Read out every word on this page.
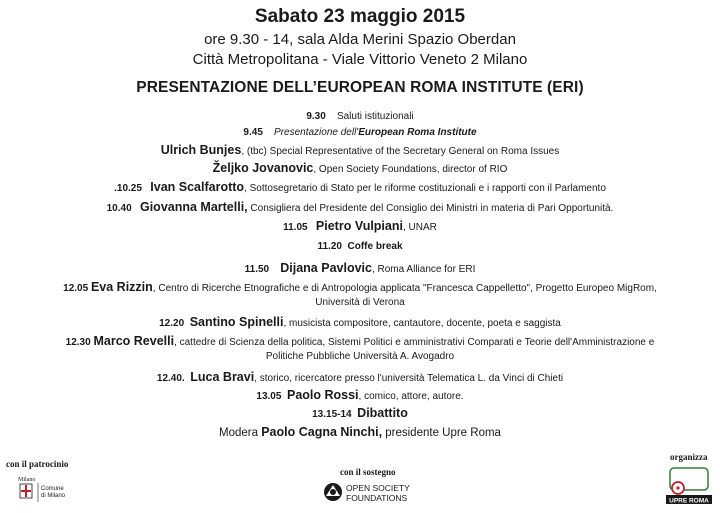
Sabato 23 maggio 2015
ore 9.30 - 14, sala Alda Merini Spazio Oberdan
Città Metropolitana - Viale Vittorio Veneto 2 Milano
PRESENTAZIONE DELL’EUROPEAN ROMA INSTITUTE (ERI)
9.30 Saluti istituzionali
9.45 Presentazione dell'European Roma Institute
Ulrich Bunjes, (tbc) Special Representative of the Secretary General on Roma Issues
Željko Jovanovic, Open Society Foundations, director of RIO
.10.25 Ivan Scalfarotto, Sottosegretario di Stato per le riforme costituzionali e i rapporti con il Parlamento
10.40 Giovanna Martelli, Consigliera del Presidente del Consiglio dei Ministri in materia di Pari Opportunità.
11.05 Pietro Vulpiani, UNAR
11.20 Coffe break
11.50 Dijana Pavlovic, Roma Alliance for ERI
12.05 Eva Rizzin, Centro di Ricerche Etnografiche e di Antropologia applicata "Francesca Cappelletto", Progetto Europeo MigRom,
Università di Verona
12.20 Santino Spinelli, musicista compositore, cantautore, docente, poeta e saggista
12.30 Marco Revelli, cattedre di Scienza della politica, Sistemi Politici e amministrativi Comparati e Teorie dell'Amministrazione e
Politiche Pubbliche Università A. Avogadro
12.40. Luca Bravi, storico, ricercatore presso l'università Telematica L. da Vinci di Chieti
13.05 Paolo Rossi, comico, attore, autore.
13.15-14 Dibattito
Modera Paolo Cagna Ninchi, presidente Upre Roma
con il patrocinio
Milano
Comune
di Milano
con il sostegno
OPEN SOCIETY
FOUNDATIONS
organizza
UPRE ROMA
